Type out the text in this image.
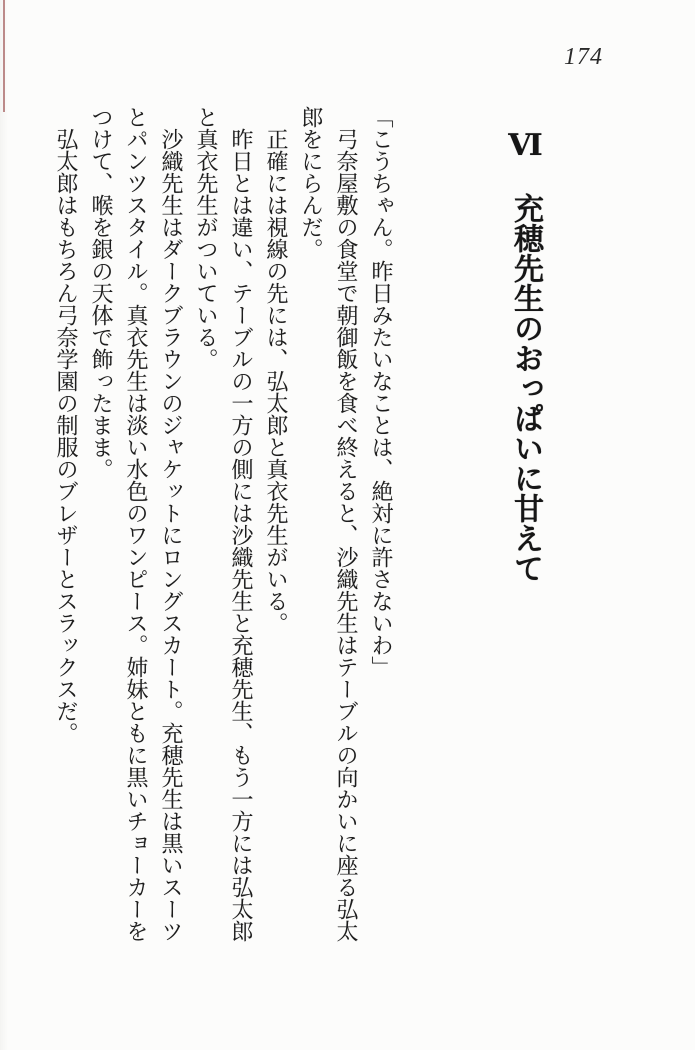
174
Ⅵ　充穂先生のおっぱいに甘えて

「こうちゃん。昨日みたいなことは、絶対に許さないわ」

弓奈屋敷の食堂で朝御飯を食べ終えると、沙織先生はテーブルの向かいに座る弘太郎をにらんだ。

正確には視線の先には、弘太郎と真衣先生がいる。

昨日とは違い、テーブルの一方の側には沙織先生と充穂先生、もう一方には弘太郎と真衣先生がついている。

沙織先生はダークブラウンのジャケットにロングスカート。充穂先生は黒いスーツとパンツスタイル。真衣先生は淡い水色のワンピース。姉妹ともに黒いチョーカーをつけて、喉を銀の天体で飾ったまま。

弘太郎はもちろん弓奈学園の制服のブレザーとスラックスだ。
